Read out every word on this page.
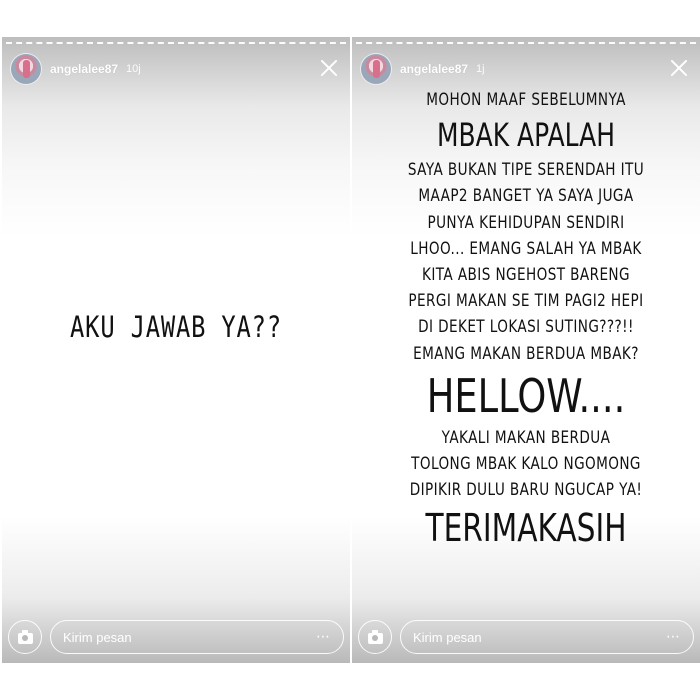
angelalee87 10j
AKU JAWAB YA??
Kirim pesan	⋯
angelalee87 1j
MOHON MAAF SEBELUMNYA
MBAK APALAH
SAYA BUKAN TIPE SERENDAH ITU
MAAP2 BANGET YA SAYA JUGA
PUNYA KEHIDUPAN SENDIRI
LHOO... EMANG SALAH YA MBAK
KITA ABIS NGEHOST BARENG
PERGI MAKAN SE TIM PAGI2 HEPI
DI DEKET LOKASI SUTING???!!
EMANG MAKAN BERDUA MBAK?
HELLOW....
YAKALI MAKAN BERDUA
TOLONG MBAK KALO NGOMONG
DIPIKIR DULU BARU NGUCAP YA!
TERIMAKASIH
Kirim pesan	⋯
